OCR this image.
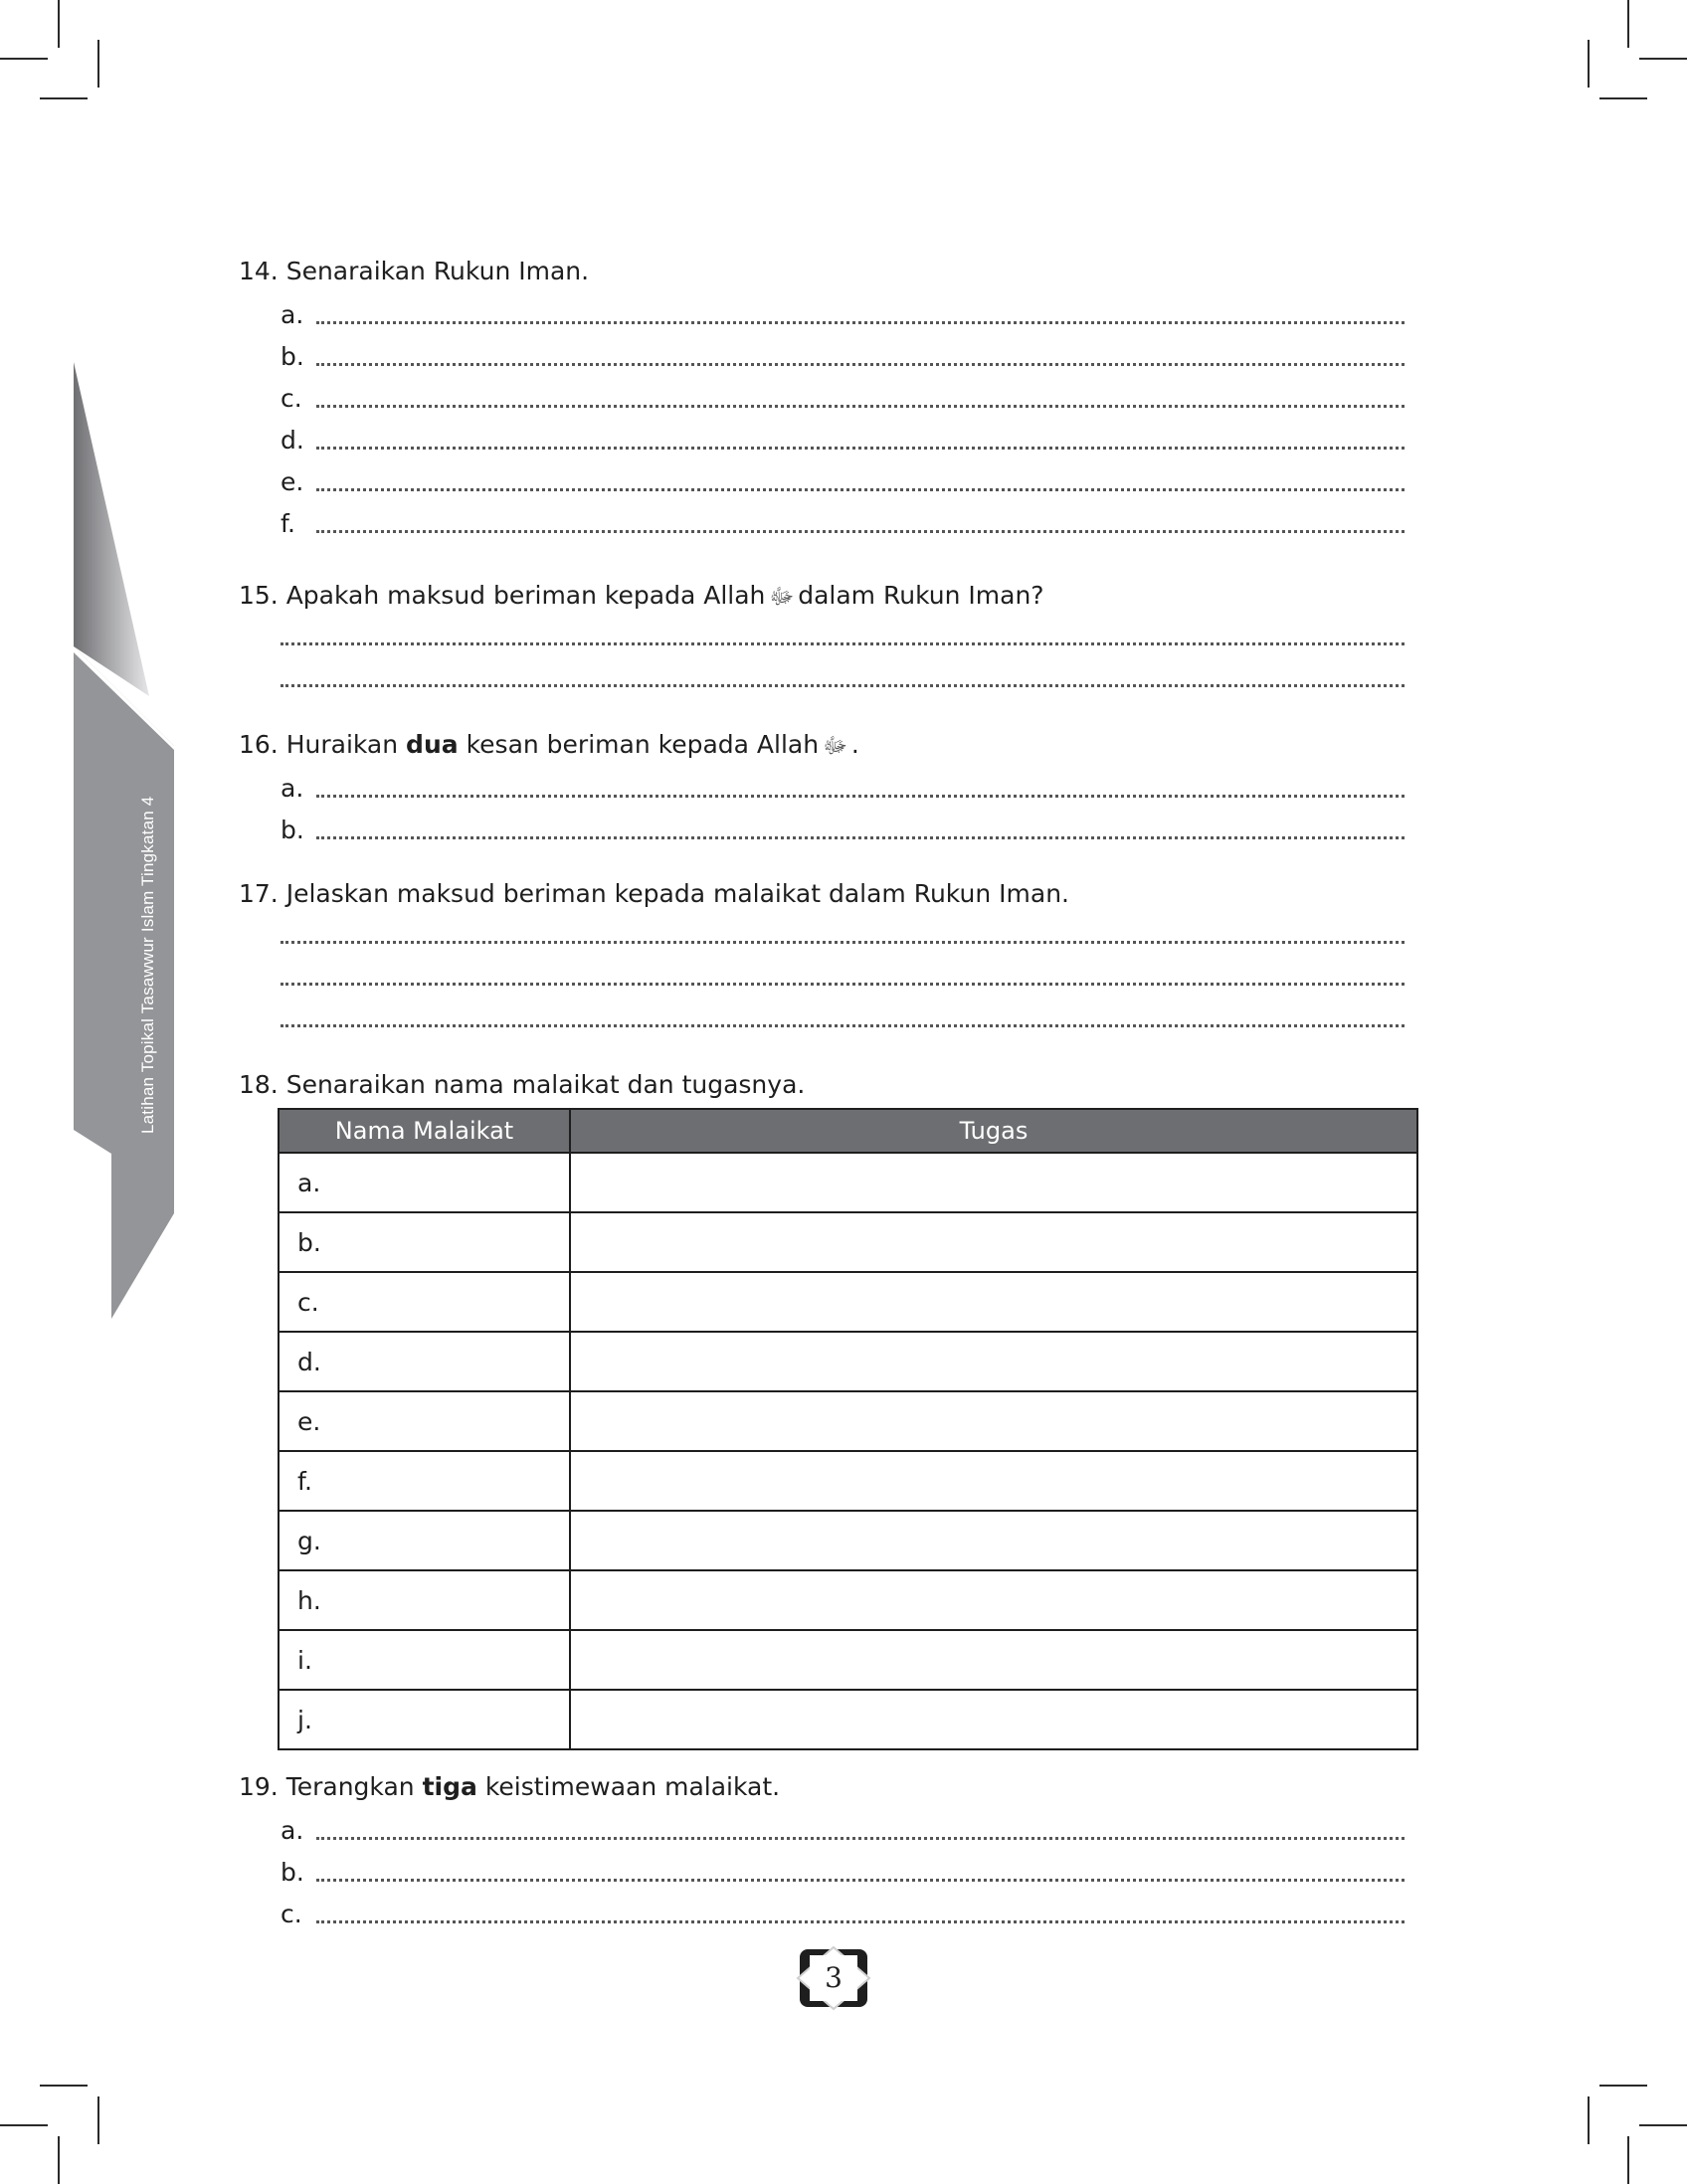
Latihan Topikal Tasawwur Islam Tingkatan 4
14. Senaraikan Rukun Iman.
a.
b.
c.
d.
e.
f.
15. Apakah maksud beriman kepada Allah ﷻ dalam Rukun Iman?
16. Huraikan dua kesan beriman kepada Allah ﷻ .
a.
b.
17. Jelaskan maksud beriman kepada malaikat dalam Rukun Iman.
18. Senaraikan nama malaikat dan tugasnya.
Nama Malaikat	Tugas
a.	
b.	
c.	
d.	
e.	
f.	
g.	
h.	
i.	
j.	
19. Terangkan tiga keistimewaan malaikat.
a.
b.
c.
3
